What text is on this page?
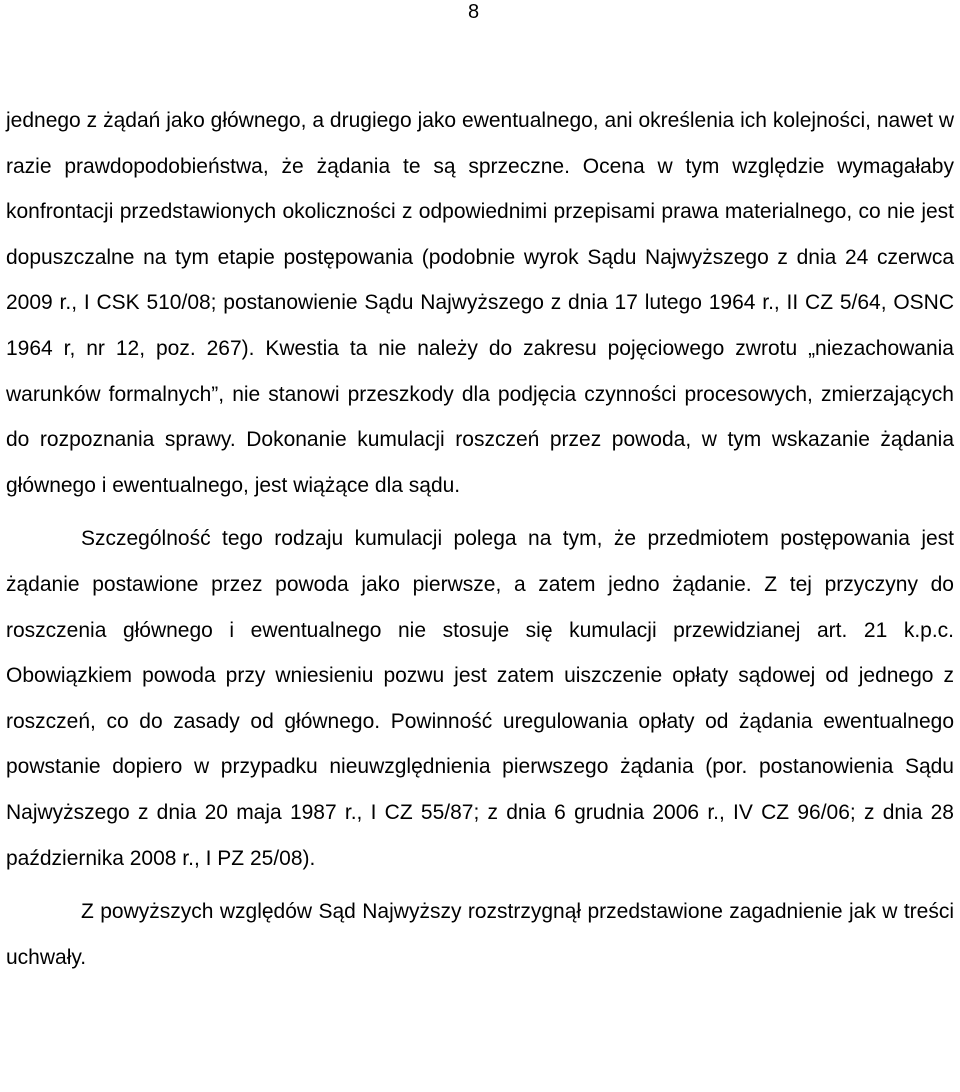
8

jednego z żądań jako głównego, a drugiego jako ewentualnego, ani określenia ich kolejności, nawet w razie prawdopodobieństwa, że żądania te są sprzeczne. Ocena w tym względzie wymagałaby konfrontacji przedstawionych okoliczności z odpowiednimi przepisami prawa materialnego, co nie jest dopuszczalne na tym etapie postępowania (podobnie wyrok Sądu Najwyższego z dnia 24 czerwca 2009 r., I CSK 510/08; postanowienie Sądu Najwyższego z dnia 17 lutego 1964 r., II CZ 5/64, OSNC 1964 r, nr 12, poz. 267). Kwestia ta nie należy do zakresu pojęciowego zwrotu „niezachowania warunków formalnych”, nie stanowi przeszkody dla podjęcia czynności procesowych, zmierzających do rozpoznania sprawy. Dokonanie kumulacji roszczeń przez powoda, w tym wskazanie żądania głównego i ewentualnego, jest wiążące dla sądu.

Szczególność tego rodzaju kumulacji polega na tym, że przedmiotem postępowania jest żądanie postawione przez powoda jako pierwsze, a zatem jedno żądanie. Z tej przyczyny do roszczenia głównego i ewentualnego nie stosuje się kumulacji przewidzianej art. 21 k.p.c. Obowiązkiem powoda przy wniesieniu pozwu jest zatem uiszczenie opłaty sądowej od jednego z roszczeń, co do zasady od głównego. Powinność uregulowania opłaty od żądania ewentualnego powstanie dopiero w przypadku nieuwzględnienia pierwszego żądania (por. postanowienia Sądu Najwyższego z dnia 20 maja 1987 r., I CZ 55/87; z dnia 6 grudnia 2006 r., IV CZ 96/06; z dnia 28 października 2008 r., I PZ 25/08).

Z powyższych względów Sąd Najwyższy rozstrzygnął przedstawione zagadnienie jak w treści uchwały.
